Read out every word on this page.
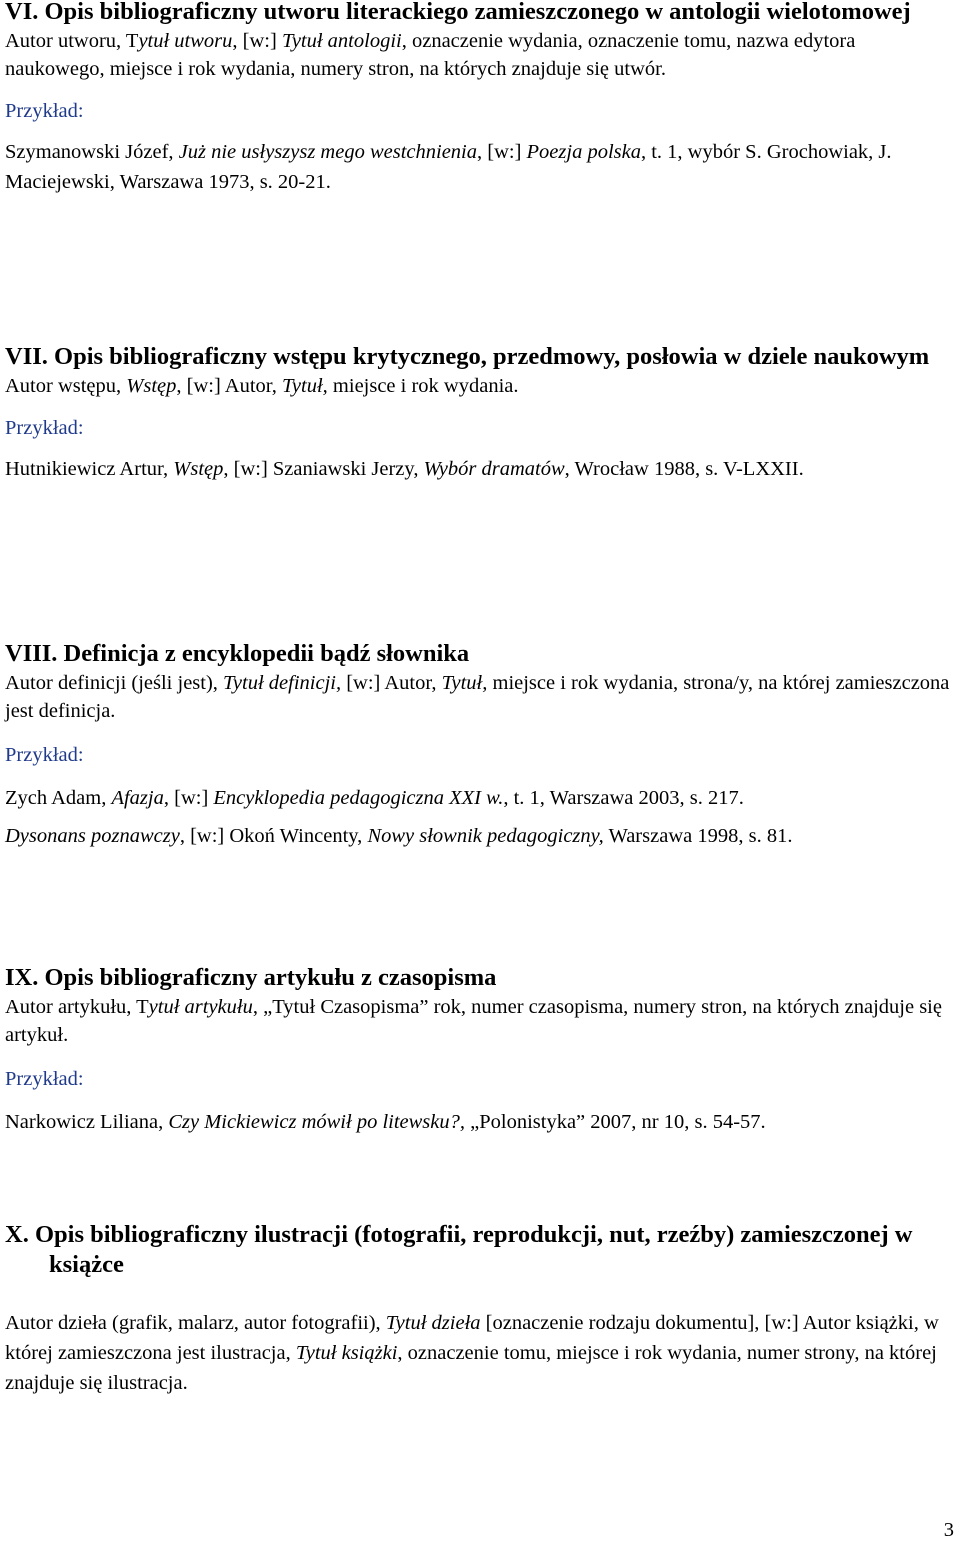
VI. Opis bibliograficzny utworu literackiego zamieszczonego w antologii wielotomowej

Autor utworu, Tytuł utworu, [w:] Tytuł antologii, oznaczenie wydania, oznaczenie tomu, nazwa edytora naukowego, miejsce i rok wydania, numery stron, na których znajduje się utwór.

Przykład:

Szymanowski Józef, Już nie usłyszysz mego westchnienia, [w:] Poezja polska, t. 1, wybór S. Grochowiak, J. Maciejewski, Warszawa 1973, s. 20-21.

VII. Opis bibliograficzny wstępu krytycznego, przedmowy, posłowia w dziele naukowym

Autor wstępu, Wstęp, [w:] Autor, Tytuł, miejsce i rok wydania.

Przykład:

Hutnikiewicz Artur, Wstęp, [w:] Szaniawski Jerzy, Wybór dramatów, Wrocław 1988, s. V-LXXII.

VIII. Definicja z encyklopedii bądź słownika

Autor definicji (jeśli jest), Tytuł definicji, [w:] Autor, Tytuł, miejsce i rok wydania, strona/y, na której zamieszczona jest definicja.

Przykład:

Zych Adam, Afazja, [w:] Encyklopedia pedagogiczna XXI w., t. 1, Warszawa 2003, s. 217.

Dysonans poznawczy, [w:] Okoń Wincenty, Nowy słownik pedagogiczny, Warszawa 1998, s. 81.

IX. Opis bibliograficzny artykułu z czasopisma

Autor artykułu, Tytuł artykułu, „Tytuł Czasopisma” rok, numer czasopisma, numery stron, na których znajduje się artykuł.

Przykład:

Narkowicz Liliana, Czy Mickiewicz mówił po litewsku?, „Polonistyka” 2007, nr 10, s. 54-57.

X. Opis bibliograficzny ilustracji (fotografii, reprodukcji, nut, rzeźby) zamieszczonej w książce

Autor dzieła (grafik, malarz, autor fotografii), Tytuł dzieła [oznaczenie rodzaju dokumentu], [w:] Autor książki, w której zamieszczona jest ilustracja, Tytuł książki, oznaczenie tomu, miejsce i rok wydania, numer strony, na której znajduje się ilustracja.

3
